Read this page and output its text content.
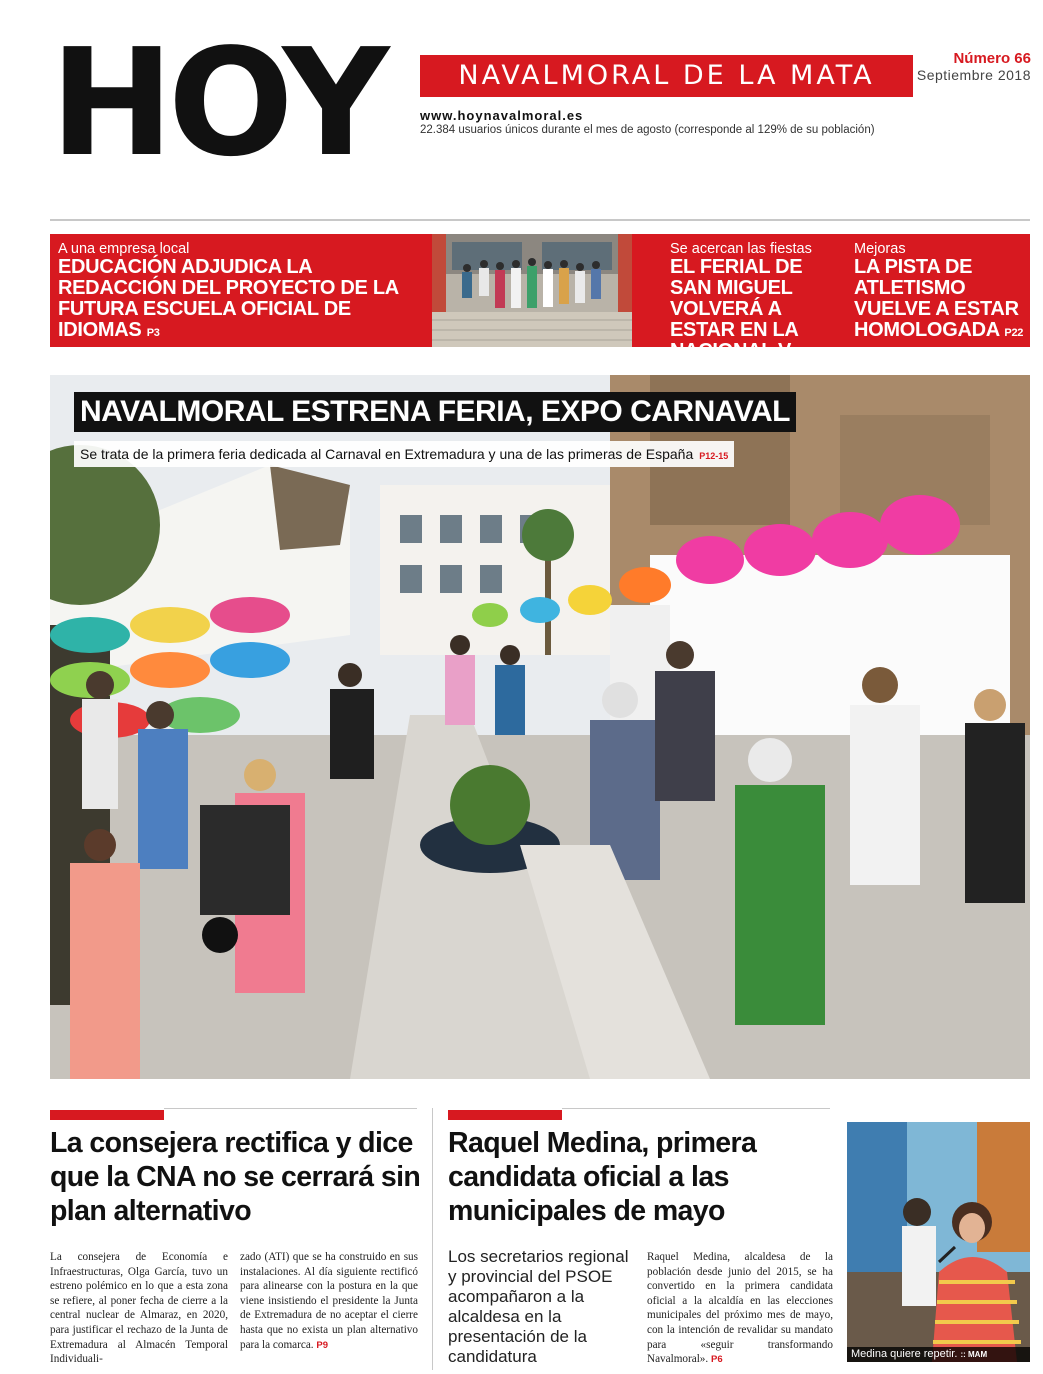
HOY	NAVALMORAL DE LA MATA
Número 66
Septiembre 2018
www.hoynavalmoral.es
22.384 usuarios únicos durante el mes de agosto (corresponde al 129% de su población)
A una empresa local
EDUCACIÓN ADJUDICA LA REDACCIÓN DEL PROYECTO DE LA FUTURA ESCUELA OFICIAL DE IDIOMAS P3
Se acercan las fiestas
EL FERIAL DE SAN MIGUEL VOLVERÁ A ESTAR EN LA NACIONAL V P8
Mejoras
LA PISTA DE ATLETISMO VUELVE A ESTAR HOMOLOGADA P22
NAVALMORAL ESTRENA FERIA, EXPO CARNAVAL
Se trata de la primera feria dedicada al Carnaval en Extremadura y una de las primeras de España P12-15
La consejera rectifica y dice que la CNA no se cerrará sin plan alternativo
La consejera de Economía e Infraestructuras, Olga García, tuvo un estreno polémico en lo que a esta zona se refiere, al poner fecha de cierre a la central nuclear de Almaraz, en 2020, para justificar el rechazo de la Junta de Extremadura al Almacén Temporal Individuali-
zado (ATI) que se ha construido en sus instalaciones. Al día siguiente rectificó para alinearse con la postura en la que viene insistiendo el presidente la Junta de Extremadura de no aceptar el cierre hasta que no exista un plan alternativo para la comarca. P9
Raquel Medina, primera candidata oficial a las municipales de mayo
Los secretarios regional y provincial del PSOE acompañaron a la alcaldesa en la presentación de la candidatura
Raquel Medina, alcaldesa de la población desde junio del 2015, se ha convertido en la primera candidata oficial a la alcaldía en las elecciones municipales del próximo mes de mayo, con la intención de revalidar su mandato para «seguir transformando Navalmoral». P6	Medina quiere repetir. :: MAM
